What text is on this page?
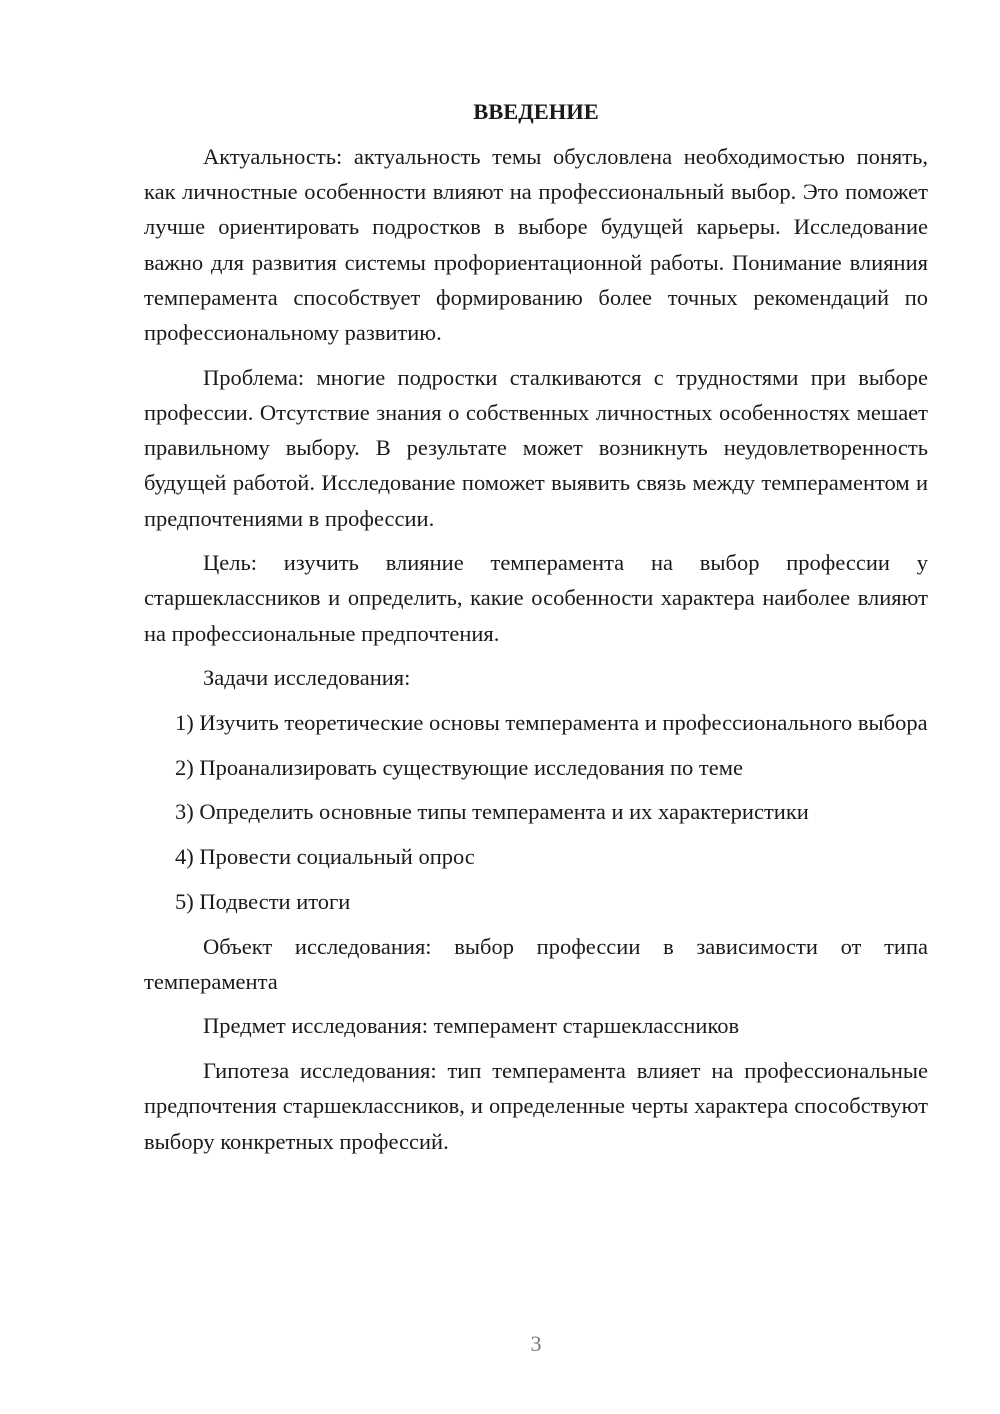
ВВЕДЕНИЕ

Актуальность: актуальность темы обусловлена необходимостью понять, как личностные особенности влияют на профессиональный выбор. Это поможет лучше ориентировать подростков в выборе будущей карьеры. Исследование важно для развития системы профориентационной работы. Понимание влияния темперамента способствует формированию более точных рекомендаций по профессиональному развитию.

Проблема: многие подростки сталкиваются с трудностями при выборе профессии. Отсутствие знания о собственных личностных особенностях мешает правильному выбору. В результате может возникнуть неудовлетворенность будущей работой. Исследование поможет выявить связь между темпераментом и предпочтениями в профессии.

Цель: изучить влияние темперамента на выбор профессии у старшеклассников и определить, какие особенности характера наиболее влияют на профессиональные предпочтения.

Задачи исследования:

1) Изучить теоретические основы темперамента и профессионального выбора

2) Проанализировать существующие исследования по теме

3) Определить основные типы темперамента и их характеристики

4) Провести социальный опрос

5) Подвести итоги

Объект исследования: выбор профессии в зависимости от типа темперамента

Предмет исследования: темперамент старшеклассников

Гипотеза исследования: тип темперамента влияет на профессиональные предпочтения старшеклассников, и определенные черты характера способствуют выбору конкретных профессий.

3
